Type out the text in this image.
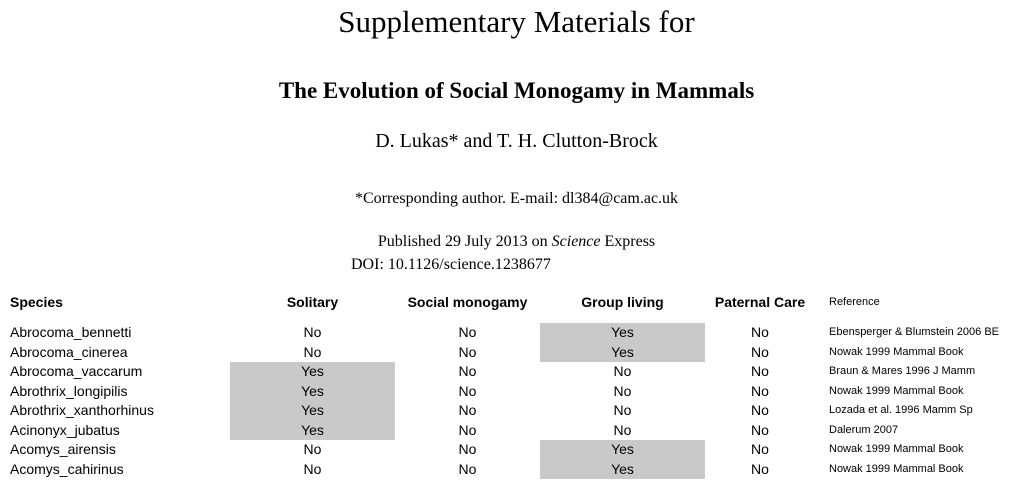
Supplementary Materials for
The Evolution of Social Monogamy in Mammals
D. Lukas* and T. H. Clutton-Brock
*Corresponding author. E-mail: dl384@cam.ac.uk
Published 29 July 2013 on Science Express
DOI: 10.1126/science.1238677
Species	Solitary	Social monogamy	Group living	Paternal Care	Reference

Abrocoma_bennetti	No	No	Yes	No	Ebensperger & Blumstein 2006 BE
Abrocoma_cinerea	No	No	Yes	No	Nowak 1999 Mammal Book
Abrocoma_vaccarum	Yes	No	No	No	Braun & Mares 1996 J Mamm
Abrothrix_longipilis	Yes	No	No	No	Nowak 1999 Mammal Book
Abrothrix_xanthorhinus	Yes	No	No	No	Lozada et al. 1996 Mamm Sp
Acinonyx_jubatus	Yes	No	No	No	Dalerum 2007
Acomys_airensis	No	No	Yes	No	Nowak 1999 Mammal Book
Acomys_cahirinus	No	No	Yes	No	Nowak 1999 Mammal Book
